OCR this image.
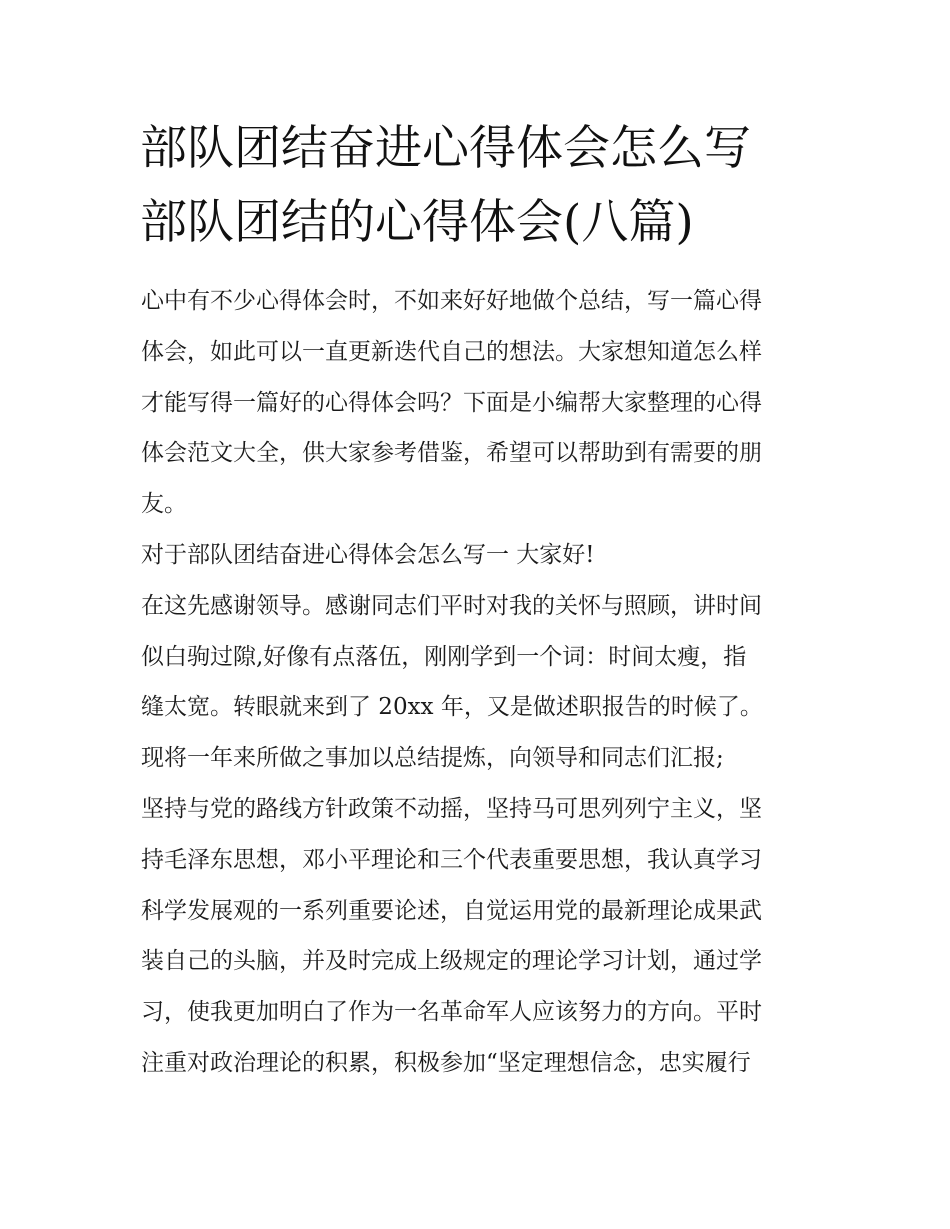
部队团结奋进心得体会怎么写
部队团结的心得体会(八篇)
心中有不少心得体会时，不如来好好地做个总结，写一篇心得
体会，如此可以一直更新迭代自己的想法。大家想知道怎么样
才能写得一篇好的心得体会吗？下面是小编帮大家整理的心得
体会范文大全，供大家参考借鉴，希望可以帮助到有需要的朋
友。
对于部队团结奋进心得体会怎么写一 大家好!
在这先感谢领导。感谢同志们平时对我的关怀与照顾，讲时间
似白驹过隙,好像有点落伍，刚刚学到一个词：时间太瘦，指
缝太宽。转眼就来到了 20xx 年，又是做述职报告的时候了。
现将一年来所做之事加以总结提炼，向领导和同志们汇报;
坚持与党的路线方针政策不动摇，坚持马可思列列宁主义，坚
持毛泽东思想，邓小平理论和三个代表重要思想，我认真学习
科学发展观的一系列重要论述，自觉运用党的最新理论成果武
装自己的头脑，并及时完成上级规定的理论学习计划，通过学
习，使我更加明白了作为一名革命军人应该努力的方向。平时
注重对政治理论的积累，积极参加“坚定理想信念，忠实履行
